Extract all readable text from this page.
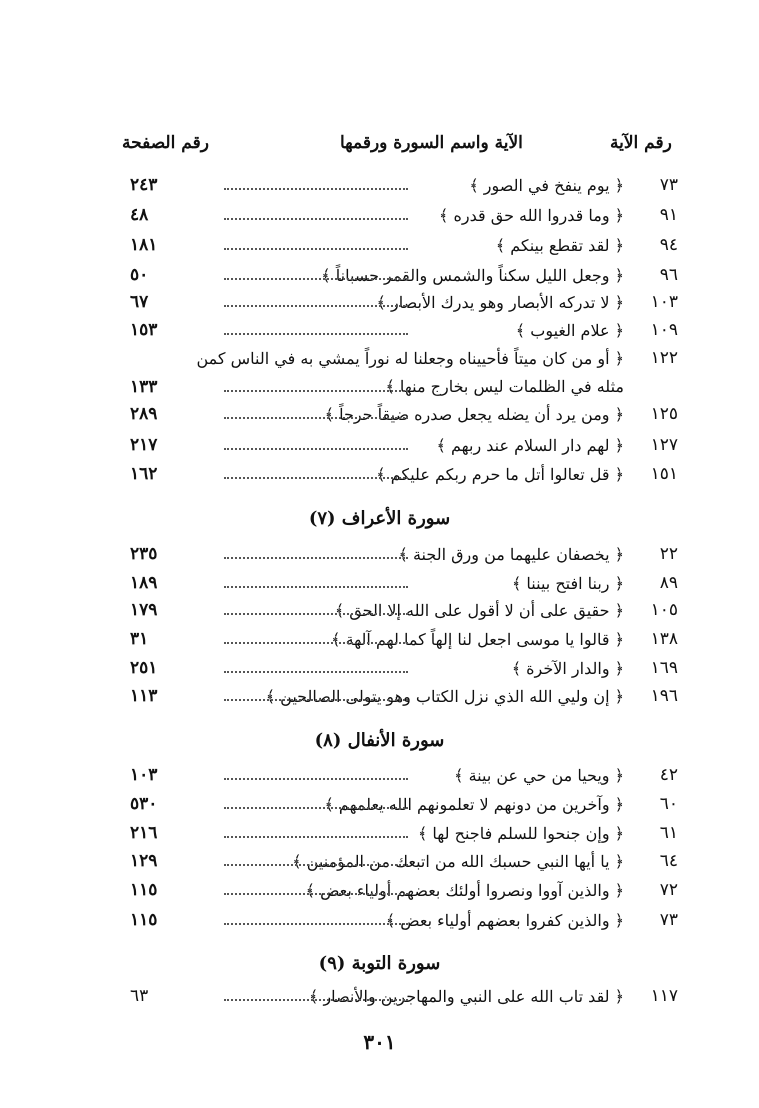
رقم الآية
الآية واسم السورة ورقمها
رقم الصفحة
٧٣
﴿ يوم ينفخ في الصور ﴾
٢٤٣
٩١
﴿ وما قدروا الله حق قدره ﴾
٤٨
٩٤
﴿ لقد تقطع بينكم ﴾
١٨١
٩٦
﴿ وجعل الليل سكناً والشمس والقمر حسباناً ﴾
٥٠
١٠٣
﴿ لا تدركه الأبصار وهو يدرك الأبصار ﴾
٦٧
١٠٩
﴿ علام الغيوب ﴾
١٥٣
١٢٢
﴿ أو من كان ميتاً فأحييناه وجعلنا له نوراً يمشي به في الناس كمن
مثله في الظلمات ليس بخارج منها ﴾
١٣٣
١٢٥
﴿ ومن يرد أن يضله يجعل صدره ضيقاً حرجاً ﴾
٢٨٩
١٢٧
﴿ لهم دار السلام عند ربهم ﴾
٢١٧
١٥١
﴿ قل تعالوا أتل ما حرم ربكم عليكم ﴾
١٦٢
سورة الأعراف (٧)
٢٢
﴿ يخصفان عليهما من ورق الجنة ﴾
٢٣٥
٨٩
﴿ ربنا افتح بيننا ﴾
١٨٩
١٠٥
﴿ حقيق على أن لا أقول على الله إلا الحق ﴾
١٧٩
١٣٨
﴿ قالوا يا موسى اجعل لنا إلهاً كما لهم آلهة ﴾
٣١
١٦٩
﴿ والدار الآخرة ﴾
٢٥١
١٩٦
﴿ إن وليي الله الذي نزل الكتاب وهو يتولى الصالحين ﴾
١١٣
سورة الأنفال (٨)
٤٢
﴿ ويحيا من حي عن بينة ﴾
١٠٣
٦٠
﴿ وآخرين من دونهم لا تعلمونهم الله يعلمهم ﴾
٥٣٠
٦١
﴿ وإن جنحوا للسلم فاجنح لها ﴾
٢١٦
٦٤
﴿ يا أيها النبي حسبك الله من اتبعك من المؤمنين ﴾
١٢٩
٧٢
﴿ والذين آووا ونصروا أولئك بعضهم أولياء بعض ﴾
١١٥
٧٣
﴿ والذين كفروا بعضهم أولياء بعض ﴾
١١٥
سورة التوبة (٩)
١١٧
﴿ لقد تاب الله على النبي والمهاجرين والأنصار ﴾
٦٣
٣٠١
